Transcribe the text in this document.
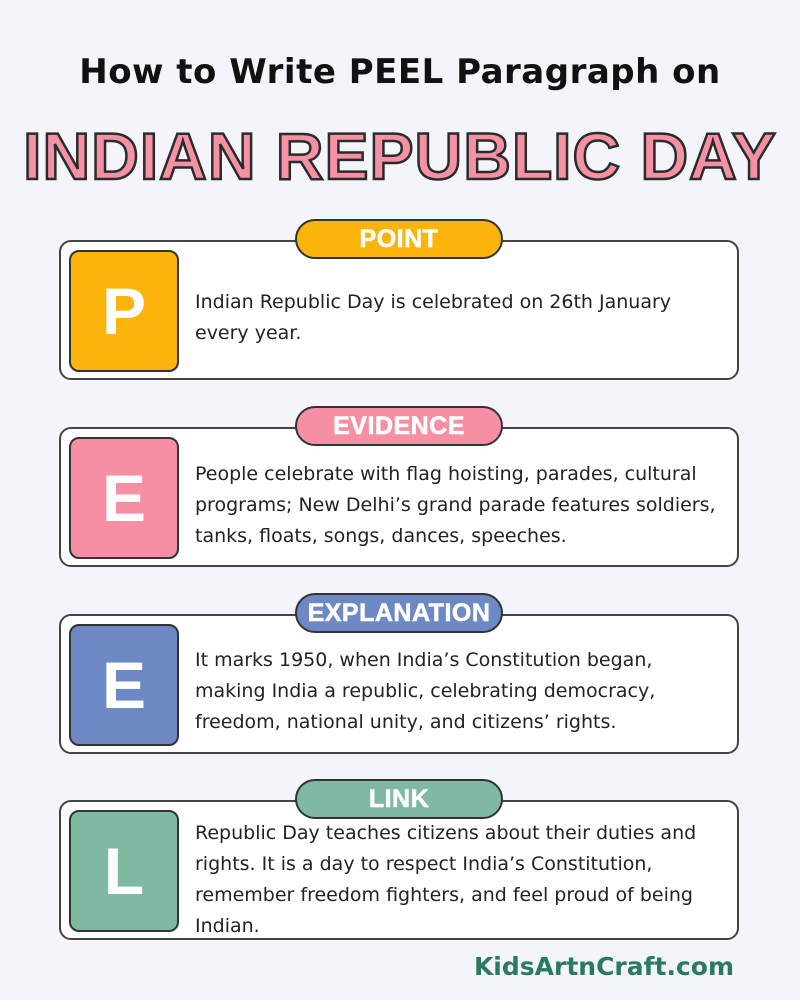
How to Write PEEL Paragraph on
INDIAN REPUBLIC DAY
P	Indian Republic Day is celebrated on 26th January every year.
POINT
E	People celebrate with flag hoisting, parades, cultural programs; New Delhi’s grand parade features soldiers, tanks, floats, songs, dances, speeches.
EVIDENCE
E	It marks 1950, when India’s Constitution began, making India a republic, celebrating democracy, freedom, national unity, and citizens’ rights.
EXPLANATION
L
Republic Day teaches citizens about their duties and rights. It is a day to respect India’s Constitution, remember freedom fighters, and feel proud of being Indian.
LINK
KidsArtnCraft.com
